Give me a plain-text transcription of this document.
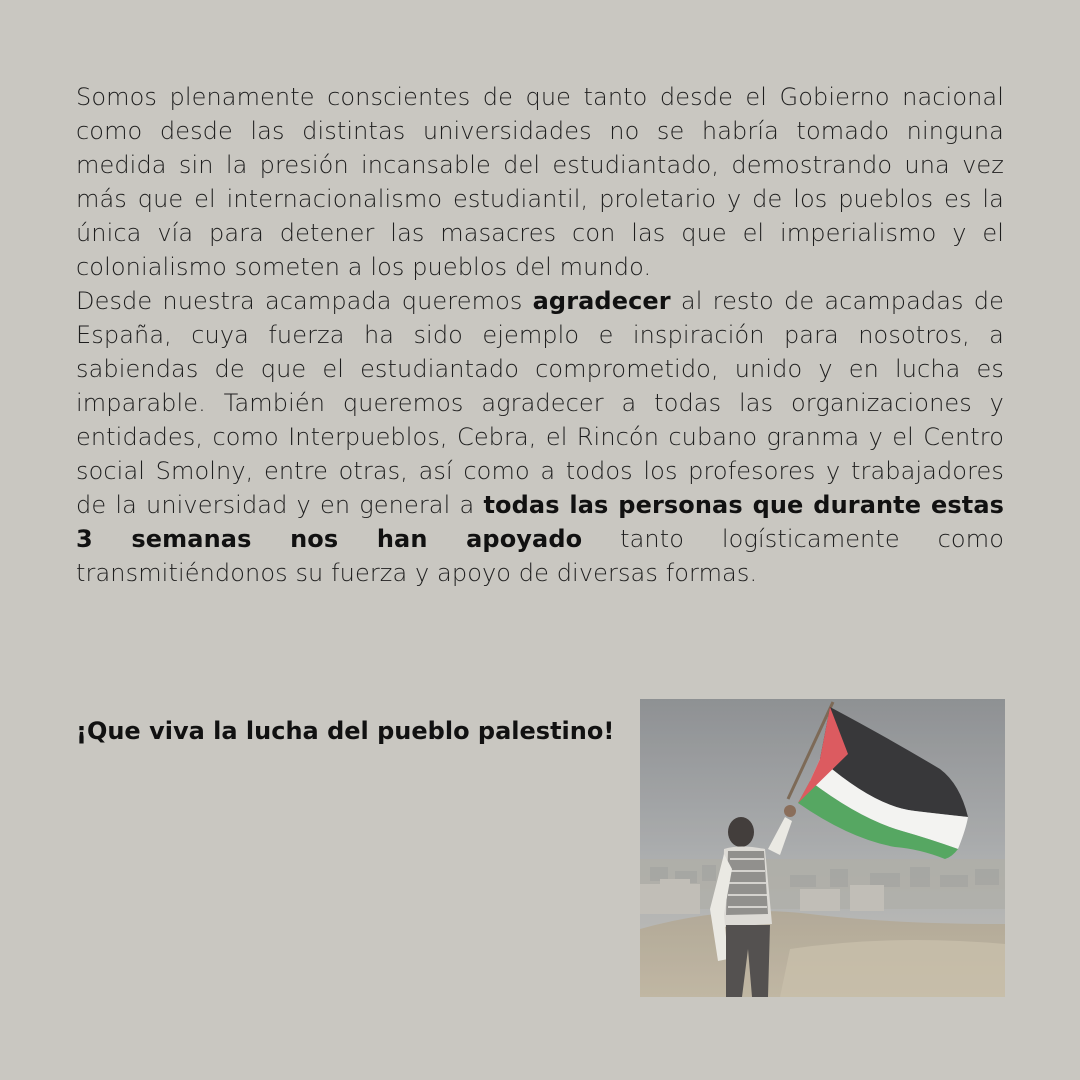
Somos plenamente conscientes de que tanto desde el Gobierno nacional como desde las distintas universidades no se habría tomado ninguna medida sin la presión incansable del estudiantado, demostrando una vez más que el internacionalismo estudiantil, proletario y de los pueblos es la única vía para detener las masacres con las que el imperialismo y el colonialismo someten a los pueblos del mundo.

Desde nuestra acampada queremos agradecer al resto de acampadas de España, cuya fuerza ha sido ejemplo e inspiración para nosotros, a sabiendas de que el estudiantado comprometido, unido y en lucha es imparable. También queremos agradecer a todas las organizaciones y entidades, como Interpueblos, Cebra, el Rincón cubano granma y el Centro social Smolny, entre otras, así como a todos los profesores y trabajadores de la universidad y en general a todas las personas que durante estas 3 semanas nos han apoyado tanto logísticamente como transmitiéndonos su fuerza y apoyo de diversas formas.

¡Que viva la lucha del pueblo palestino!
